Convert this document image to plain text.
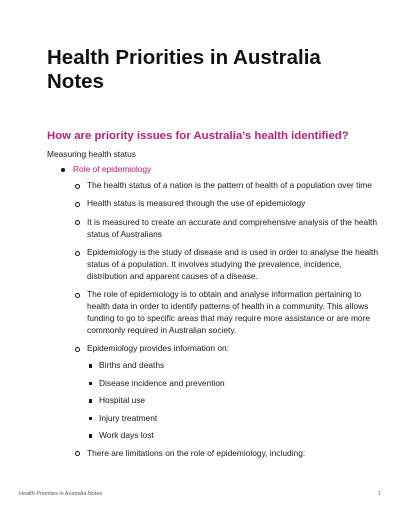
Health Priorities in Australia Notes
How are priority issues for Australia’s health identified?
Measuring health status
Role of epidemiology
The health status of a nation is the pattern of health of a population over time
Health status is measured through the use of epidemiology
It is measured to create an accurate and comprehensive analysis of the health status of Australians
Epidemiology is the study of disease and is used in order to analyse the health status of a population. It involves studying the prevalence, incidence, distribution and apparent causes of a disease.
The role of epidemiology is to obtain and analyse information pertaining to health data in order to identify patterns of health in a community. This allows funding to go to specific areas that may require more assistance or are more commonly required in Australian society.
Epidemiology provides information on:
Births and deaths
Disease incidence and prevention
Hospital use
Injury treatment
Work days lost
There are limitations on the role of epidemiology, including:
Health Priorities in Australia Notes	1
